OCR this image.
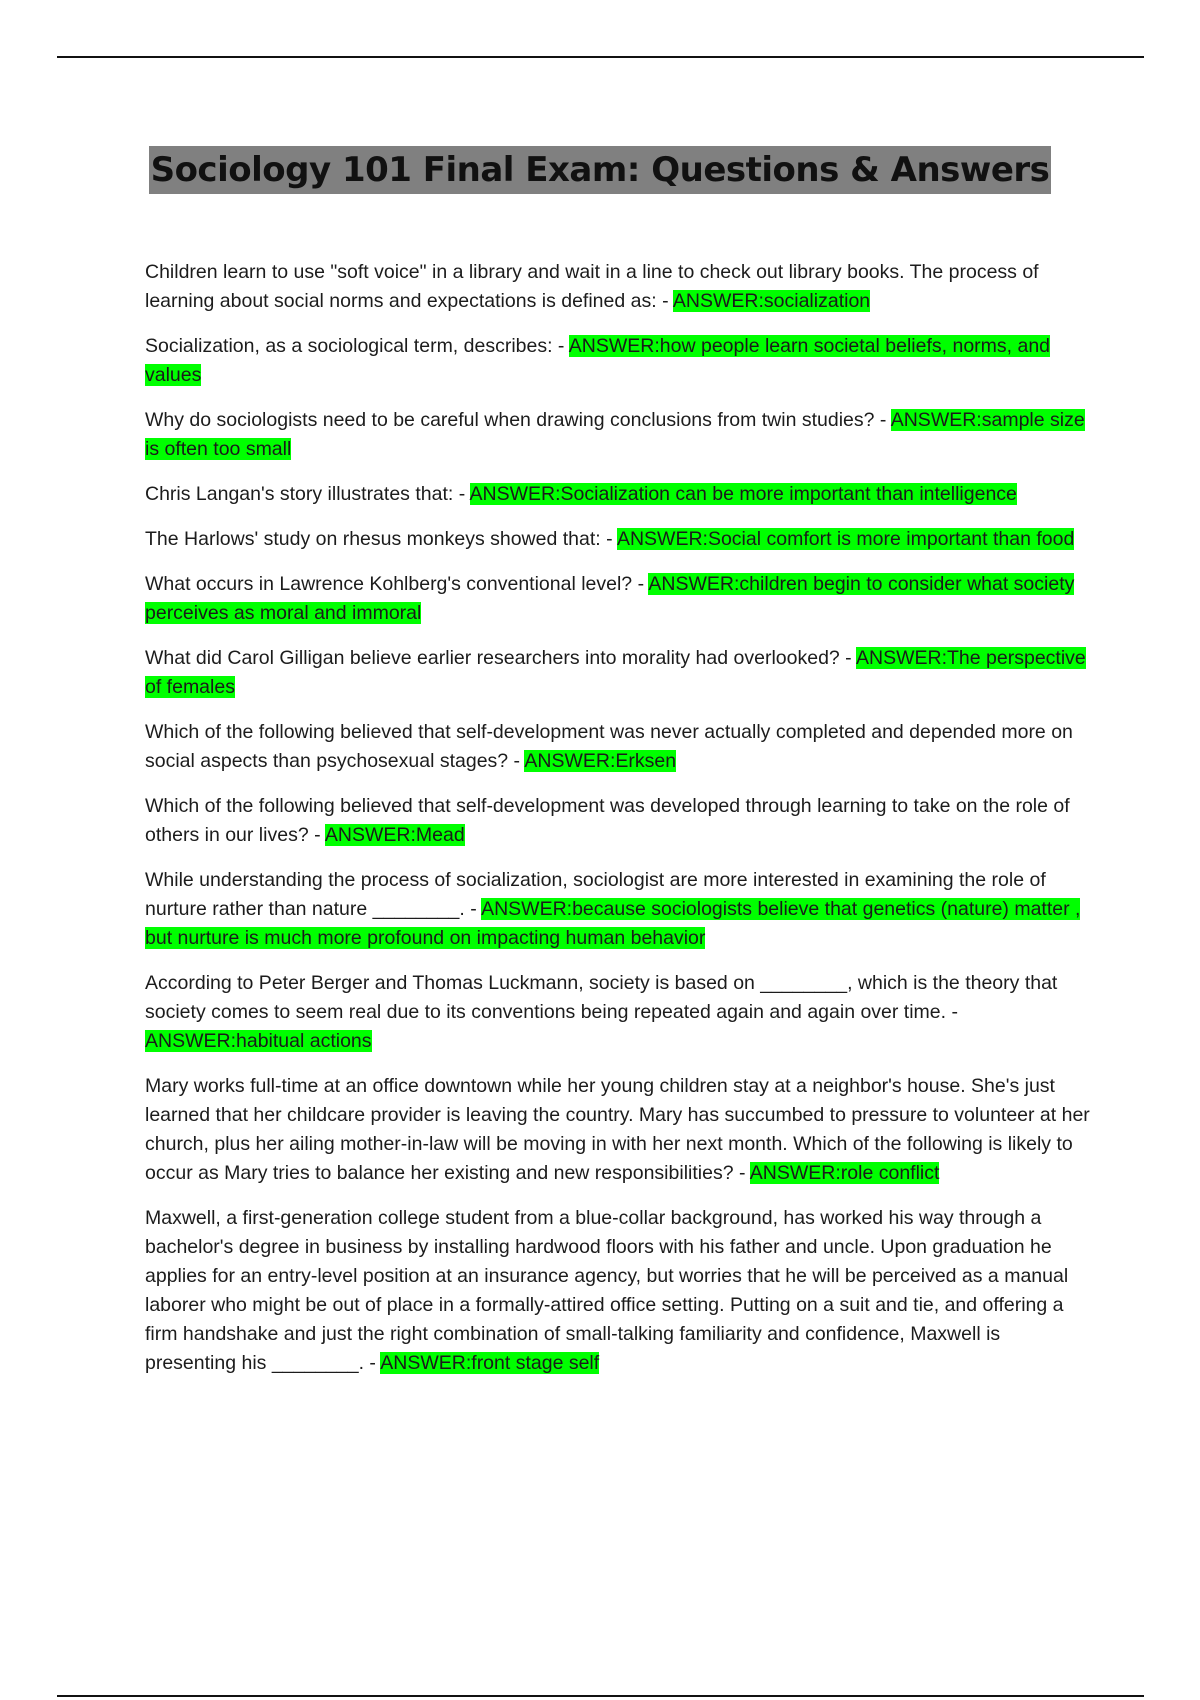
Sociology 101 Final Exam: Questions & Answers

Children learn to use "soft voice" in a library and wait in a line to check out library books. The process of learning about social norms and expectations is defined as: - ANSWER:socialization

Socialization, as a sociological term, describes: - ANSWER:how people learn societal beliefs, norms, and values

Why do sociologists need to be careful when drawing conclusions from twin studies? - ANSWER:sample size is often too small

Chris Langan's story illustrates that: - ANSWER:Socialization can be more important than intelligence

The Harlows' study on rhesus monkeys showed that: - ANSWER:Social comfort is more important than food

What occurs in Lawrence Kohlberg's conventional level? - ANSWER:children begin to consider what society perceives as moral and immoral

What did Carol Gilligan believe earlier researchers into morality had overlooked? - ANSWER:The perspective of females

Which of the following believed that self-development was never actually completed and depended more on social aspects than psychosexual stages? - ANSWER:Erksen

Which of the following believed that self-development was developed through learning to take on the role of others in our lives? - ANSWER:Mead

While understanding the process of socialization, sociologist are more interested in examining the role of nurture rather than nature ________. - ANSWER:because sociologists believe that genetics (nature) matter , but nurture is much more profound on impacting human behavior

According to Peter Berger and Thomas Luckmann, society is based on ________, which is the theory that society comes to seem real due to its conventions being repeated again and again over time. - ANSWER:habitual actions

Mary works full-time at an office downtown while her young children stay at a neighbor's house. She's just learned that her childcare provider is leaving the country. Mary has succumbed to pressure to volunteer at her church, plus her ailing mother-in-law will be moving in with her next month. Which of the following is likely to occur as Mary tries to balance her existing and new responsibilities? - ANSWER:role conflict

Maxwell, a first-generation college student from a blue-collar background, has worked his way through a bachelor's degree in business by installing hardwood floors with his father and uncle. Upon graduation he applies for an entry-level position at an insurance agency, but worries that he will be perceived as a manual laborer who might be out of place in a formally-attired office setting. Putting on a suit and tie, and offering a firm handshake and just the right combination of small-talking familiarity and confidence, Maxwell is presenting his ________. - ANSWER:front stage self
